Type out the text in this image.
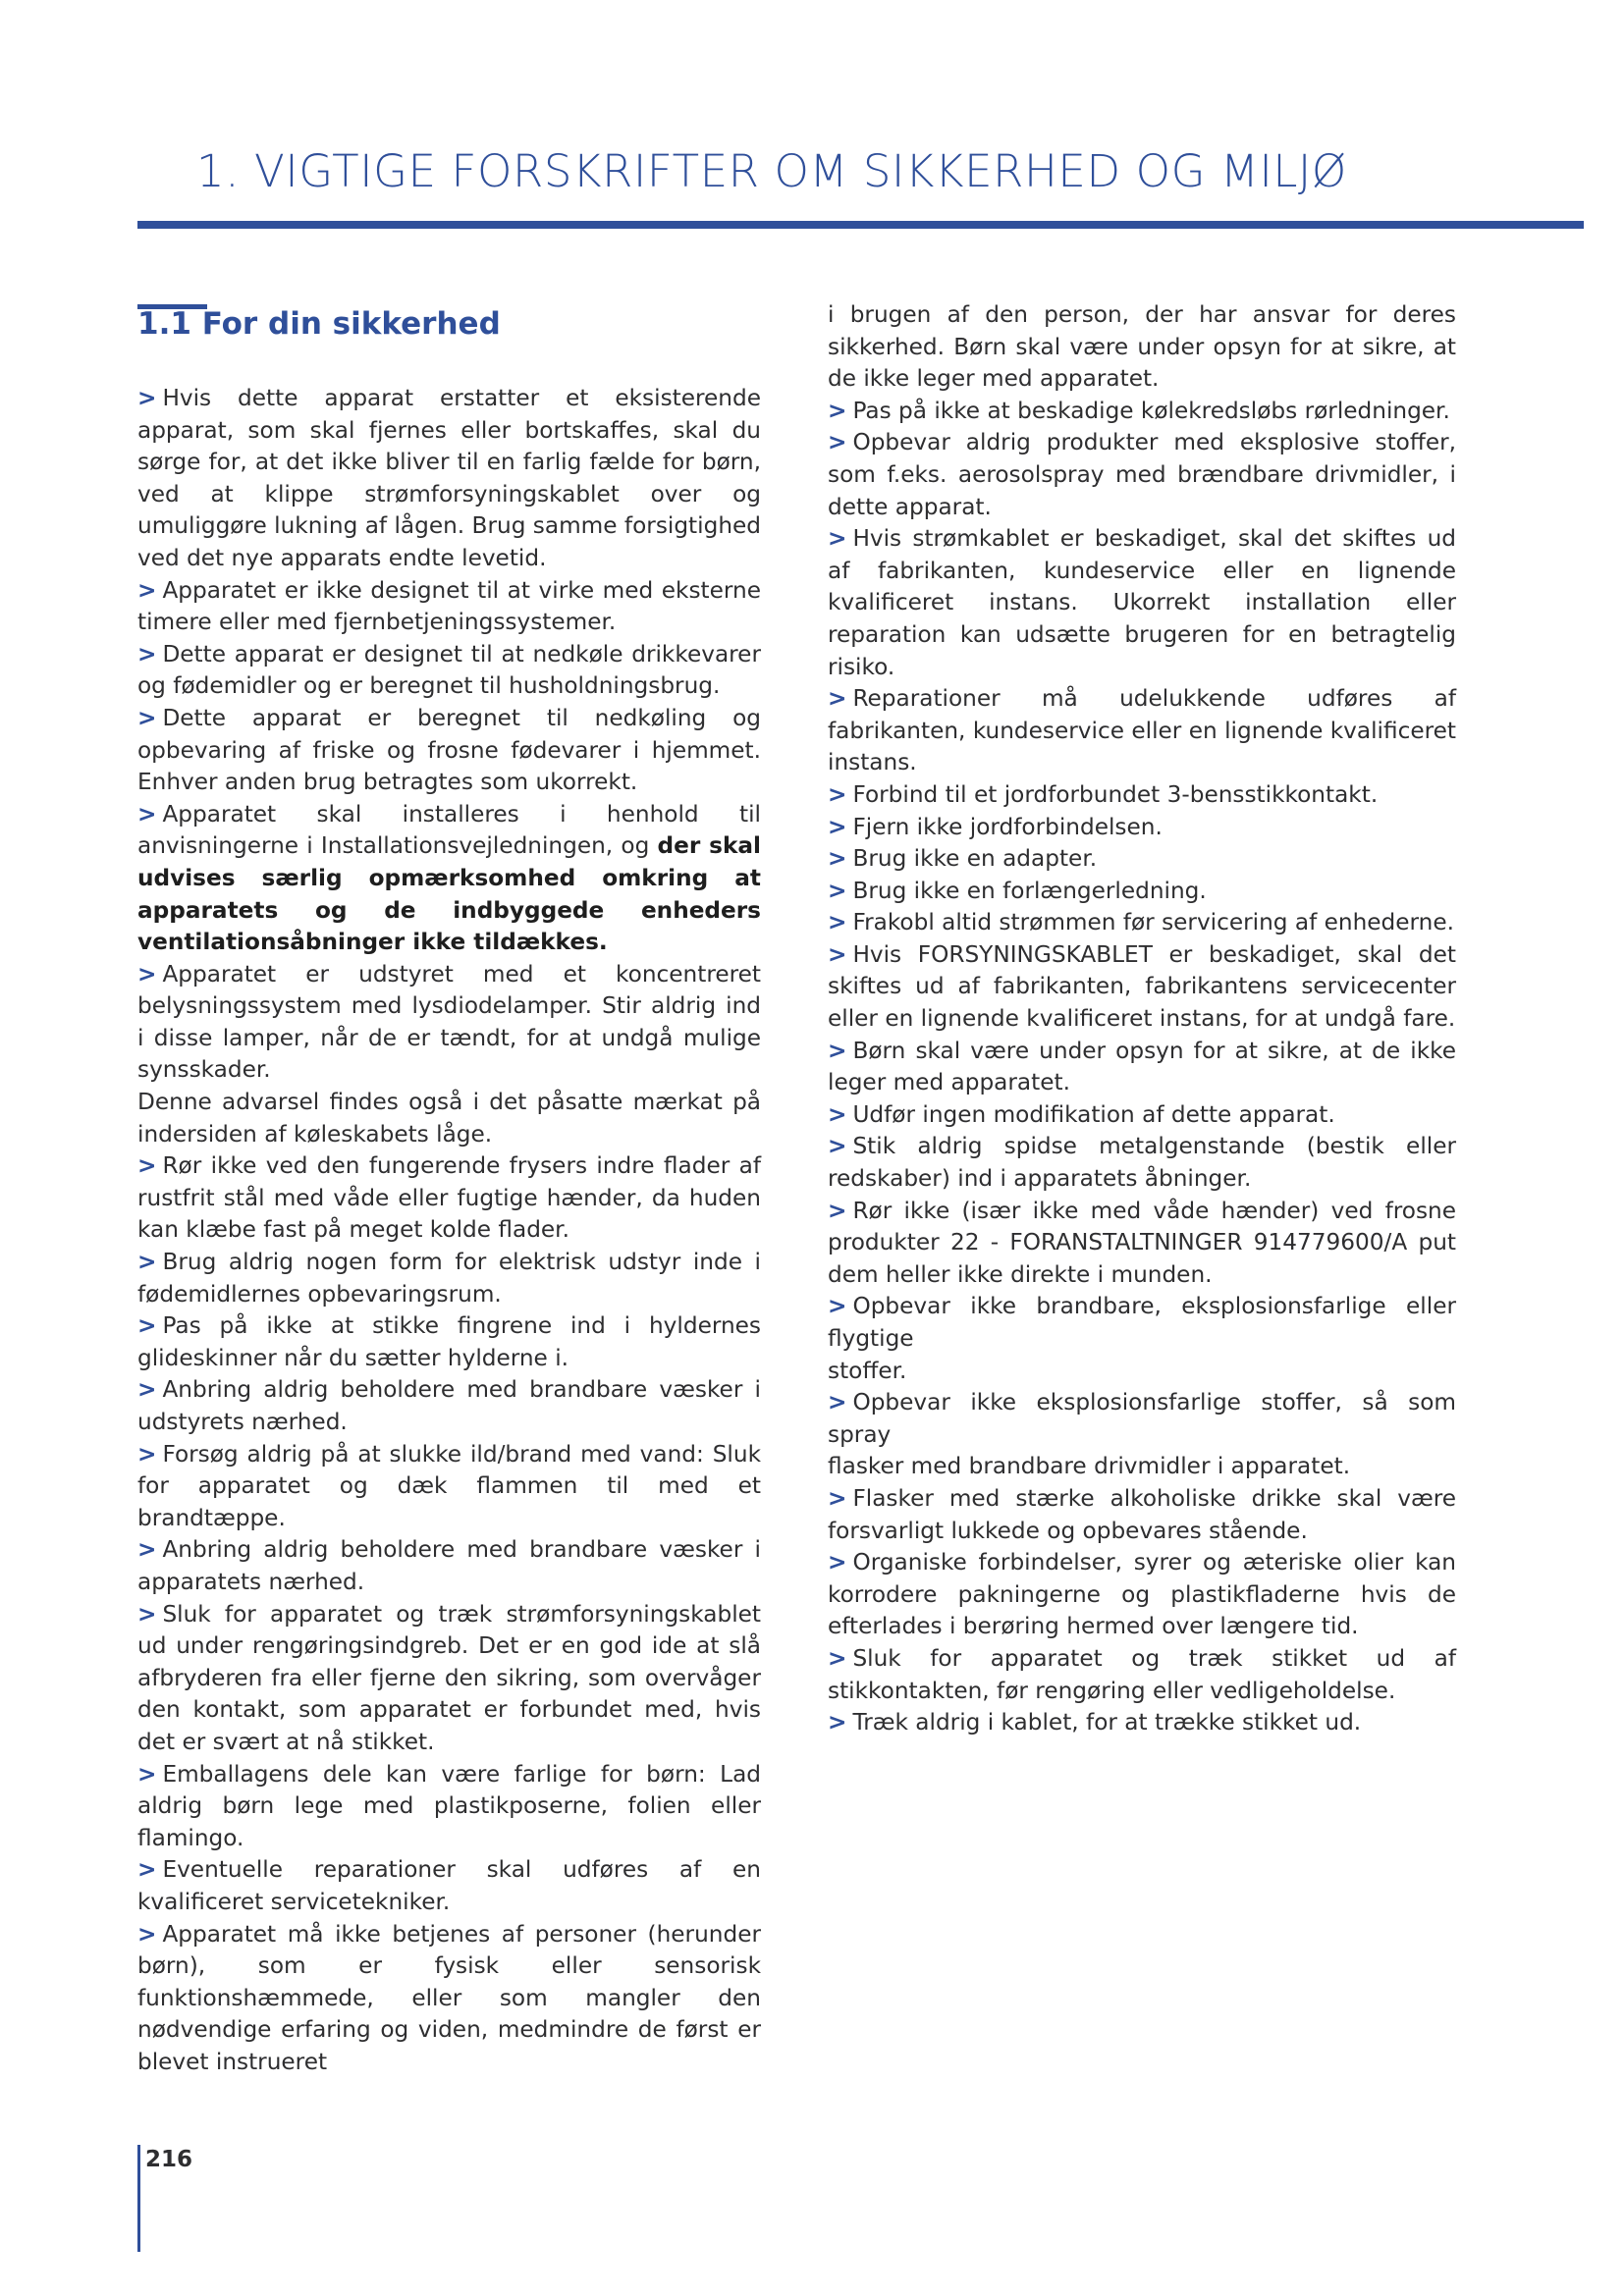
1. VIGTIGE FORSKRIFTER OM SIKKERHED OG MILJØ
1.1 For din sikkerhed

> Hvis dette apparat erstatter et eksisterende apparat, som skal fjernes eller bortskaffes, skal du sørge for, at det ikke bliver til en farlig fælde for børn, ved at klippe strømforsyningskablet over og umuliggøre lukning af lågen. Brug samme forsigtighed ved det nye apparats endte levetid.

> Apparatet er ikke designet til at virke med eksterne timere eller med fjernbetjeningssystemer.

> Dette apparat er designet til at nedkøle drikkevarer og fødemidler og er beregnet til husholdningsbrug.

> Dette apparat er beregnet til nedkøling og opbevaring af friske og frosne fødevarer i hjemmet. Enhver anden brug betragtes som ukorrekt.

> Apparatet skal installeres i henhold til anvisningerne i Installationsvejledningen, og der skal udvises særlig opmærksomhed omkring at apparatets og de indbyggede enheders ventilationsåbninger ikke tildækkes.

> Apparatet er udstyret med et koncentreret belysningssystem med lysdiodelamper. Stir aldrig ind i disse lamper, når de er tændt, for at undgå mulige synsskader.

Denne advarsel findes også i det påsatte mærkat på indersiden af køleskabets låge.

> Rør ikke ved den fungerende frysers indre flader af rustfrit stål med våde eller fugtige hænder, da huden kan klæbe fast på meget kolde flader.

> Brug aldrig nogen form for elektrisk udstyr inde i fødemidlernes opbevaringsrum.

> Pas på ikke at stikke fingrene ind i hyldernes glideskinner når du sætter hylderne i.

> Anbring aldrig beholdere med brandbare væsker i udstyrets nærhed.

> Forsøg aldrig på at slukke ild/brand med vand: Sluk for apparatet og dæk flammen til med et brandtæppe.

> Anbring aldrig beholdere med brandbare væsker i apparatets nærhed.

> Sluk for apparatet og træk strømforsyningskablet ud under rengøringsindgreb. Det er en god ide at slå afbryderen fra eller fjerne den sikring, som overvåger den kontakt, som apparatet er forbundet med, hvis det er svært at nå stikket.

> Emballagens dele kan være farlige for børn: Lad aldrig børn lege med plastikposerne, folien eller flamingo.

> Eventuelle reparationer skal udføres af en kvalificeret servicetekniker.

> Apparatet må ikke betjenes af personer (herunder børn), som er fysisk eller sensorisk funktionshæmmede, eller som mangler den nødvendige erfaring og viden, medmindre de først er blevet instrueret

i brugen af den person, der har ansvar for deres sikkerhed. Børn skal være under opsyn for at sikre, at de ikke leger med apparatet.

> Pas på ikke at beskadige kølekredsløbs rørledninger.

> Opbevar aldrig produkter med eksplosive stoffer, som f.eks. aerosolspray med brændbare drivmidler, i dette apparat.

> Hvis strømkablet er beskadiget, skal det skiftes ud af fabrikanten, kundeservice eller en lignende kvalificeret instans. Ukorrekt installation eller reparation kan udsætte brugeren for en betragtelig risiko.

> Reparationer må udelukkende udføres af fabrikanten, kundeservice eller en lignende kvalificeret instans.

> Forbind til et jordforbundet 3-bensstikkontakt.

> Fjern ikke jordforbindelsen.

> Brug ikke en adapter.

> Brug ikke en forlængerledning.

> Frakobl altid strømmen før servicering af enhederne.

> Hvis FORSYNINGSKABLET er beskadiget, skal det skiftes ud af fabrikanten, fabrikantens servicecenter eller en lignende kvalificeret instans, for at undgå fare.

> Børn skal være under opsyn for at sikre, at de ikke leger med apparatet.

> Udfør ingen modifikation af dette apparat.

> Stik aldrig spidse metalgenstande (bestik eller redskaber) ind i apparatets åbninger.

> Rør ikke (især ikke med våde hænder) ved frosne produkter 22 - FORANSTALTNINGER 914779600/A put dem heller ikke direkte i munden.

> Opbevar ikke brandbare, eksplosionsfarlige eller flygtige

stoffer.

> Opbevar ikke eksplosionsfarlige stoffer, så som spray

flasker med brandbare drivmidler i apparatet.

> Flasker med stærke alkoholiske drikke skal være forsvarligt lukkede og opbevares stående.

> Organiske forbindelser, syrer og æteriske olier kan korrodere pakningerne og plastikfladerne hvis de efterlades i berøring hermed over længere tid.

> Sluk for apparatet og træk stikket ud af stikkontakten, før rengøring eller vedligeholdelse.

> Træk aldrig i kablet, for at trække stikket ud.

216
